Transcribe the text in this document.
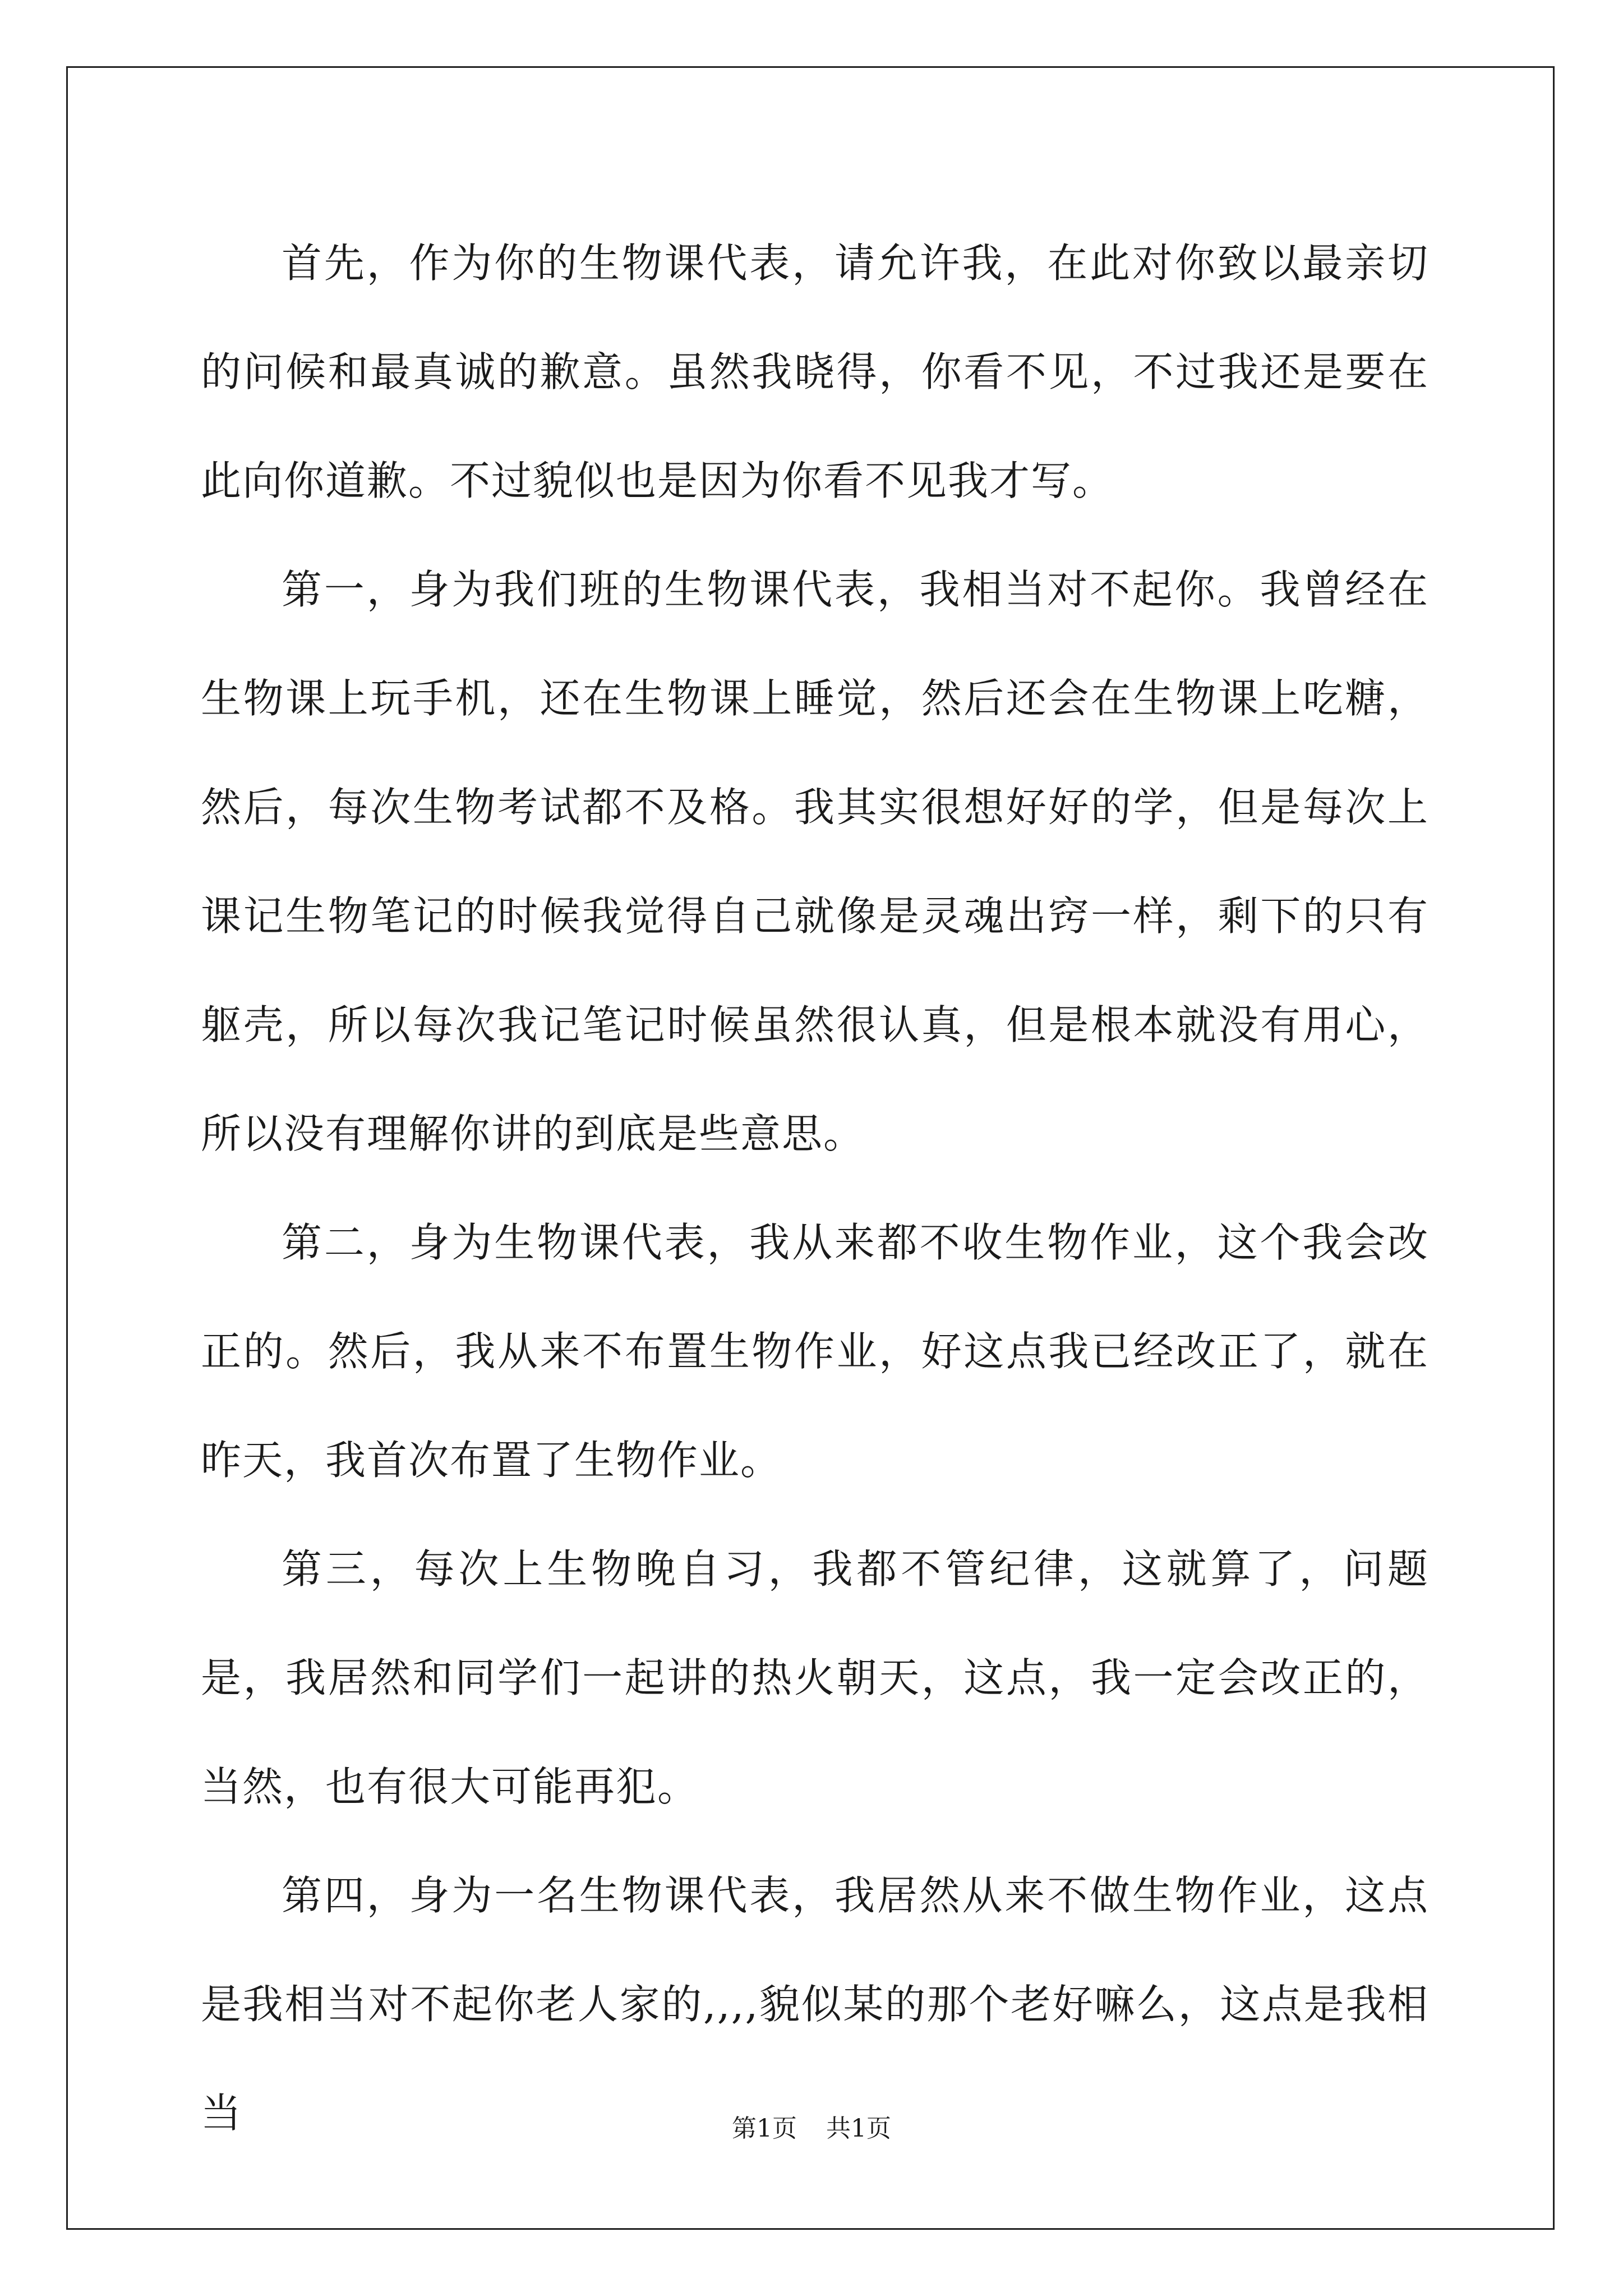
首先，作为你的生物课代表，请允许我，在此对你致以最亲切的问候和最真诚的歉意。虽然我晓得，你看不见，不过我还是要在此向你道歉。不过貌似也是因为你看不见我才写。

第一，身为我们班的生物课代表，我相当对不起你。我曾经在生物课上玩手机，还在生物课上睡觉，然后还会在生物课上吃糖，然后，每次生物考试都不及格。我其实很想好好的学，但是每次上课记生物笔记的时候我觉得自己就像是灵魂出窍一样，剩下的只有躯壳，所以每次我记笔记时候虽然很认真，但是根本就没有用心，所以没有理解你讲的到底是些意思。

第二，身为生物课代表，我从来都不收生物作业，这个我会改正的。然后，我从来不布置生物作业，好这点我已经改正了，就在昨天，我首次布置了生物作业。

第三，每次上生物晚自习，我都不管纪律，这就算了，问题是，我居然和同学们一起讲的热火朝天，这点，我一定会改正的，当然，也有很大可能再犯。

第四，身为一名生物课代表，我居然从来不做生物作业，这点是我相当对不起你老人家的,,,,貌似某的那个老好嘛么，这点是我相当	第1页 共1页
